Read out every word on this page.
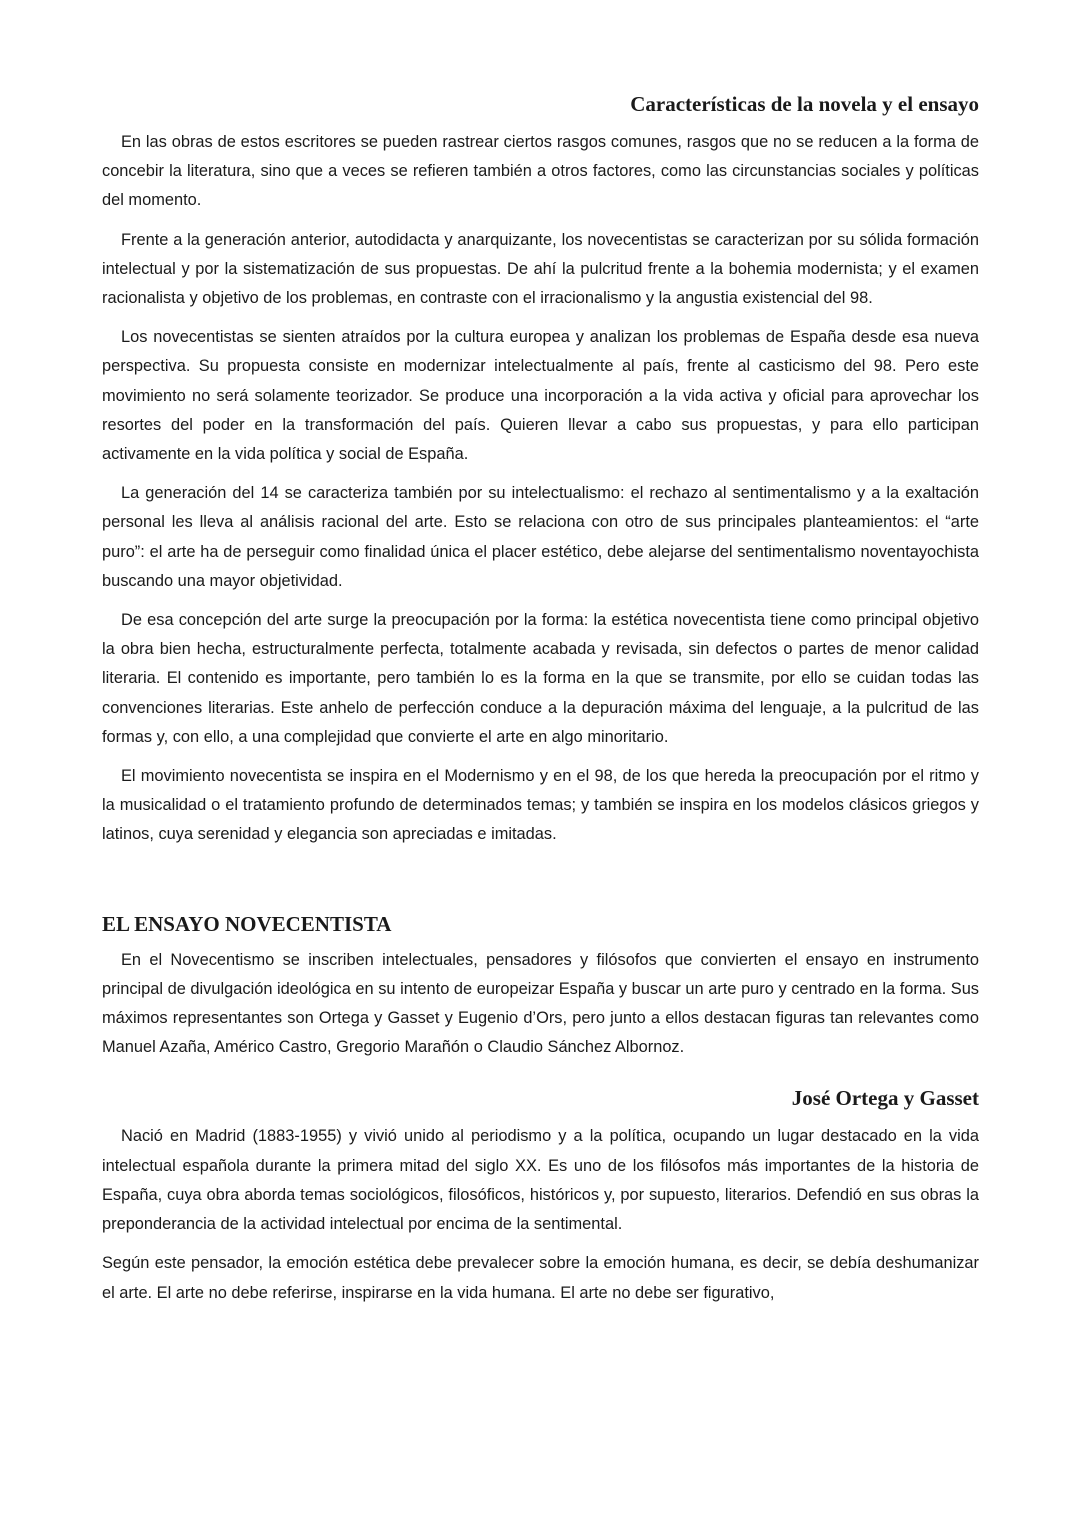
Características de la novela y el ensayo

En las obras de estos escritores se pueden rastrear ciertos rasgos comunes, rasgos que no se reducen a la forma de concebir la literatura, sino que a veces se refieren también a otros factores, como las circunstancias sociales y políticas del momento.

Frente a la generación anterior, autodidacta y anarquizante, los novecentistas se caracterizan por su sólida formación intelectual y por la sistematización de sus propuestas. De ahí la pulcritud frente a la bohemia modernista; y el examen racionalista y objetivo de los problemas, en contraste con el irracionalismo y la angustia existencial del 98.

Los novecentistas se sienten atraídos por la cultura europea y analizan los problemas de España desde esa nueva perspectiva. Su propuesta consiste en modernizar intelectualmente al país, frente al casticismo del 98. Pero este movimiento no será solamente teorizador. Se produce una incorporación a la vida activa y oficial para aprovechar los resortes del poder en la transformación del país. Quieren llevar a cabo sus propuestas, y para ello participan activamente en la vida política y social de España.

La generación del 14 se caracteriza también por su intelectualismo: el rechazo al sentimentalismo y a la exaltación personal les lleva al análisis racional del arte. Esto se relaciona con otro de sus principales planteamientos: el “arte puro”: el arte ha de perseguir como finalidad única el placer estético, debe alejarse del sentimentalismo noventayochista buscando una mayor objetividad.

De esa concepción del arte surge la preocupación por la forma: la estética novecentista tiene como principal objetivo la obra bien hecha, estructuralmente perfecta, totalmente acabada y revisada, sin defectos o partes de menor calidad literaria. El contenido es importante, pero también lo es la forma en la que se transmite, por ello se cuidan todas las convenciones literarias. Este anhelo de perfección conduce a la depuración máxima del lenguaje, a la pulcritud de las formas y, con ello, a una complejidad que convierte el arte en algo minoritario.

El movimiento novecentista se inspira en el Modernismo y en el 98, de los que hereda la preocupación por el ritmo y la musicalidad o el tratamiento profundo de determinados temas; y también se inspira en los modelos clásicos griegos y latinos, cuya serenidad y elegancia son apreciadas e imitadas.

EL ENSAYO NOVECENTISTA

En el Novecentismo se inscriben intelectuales, pensadores y filósofos que convierten el ensayo en instrumento principal de divulgación ideológica en su intento de europeizar España y buscar un arte puro y centrado en la forma. Sus máximos representantes son Ortega y Gasset y Eugenio d’Ors, pero junto a ellos destacan figuras tan relevantes como Manuel Azaña, Américo Castro, Gregorio Marañón o Claudio Sánchez Albornoz.

José Ortega y Gasset

Nació en Madrid (1883-1955) y vivió unido al periodismo y a la política, ocupando un lugar destacado en la vida intelectual española durante la primera mitad del siglo XX. Es uno de los filósofos más importantes de la historia de España, cuya obra aborda temas sociológicos, filosóficos, históricos y, por supuesto, literarios. Defendió en sus obras la preponderancia de la actividad intelectual por encima de la sentimental.

Según este pensador, la emoción estética debe prevalecer sobre la emoción humana, es decir, se debía deshumanizar el arte. El arte no debe referirse, inspirarse en la vida humana. El arte no debe ser figurativo,
